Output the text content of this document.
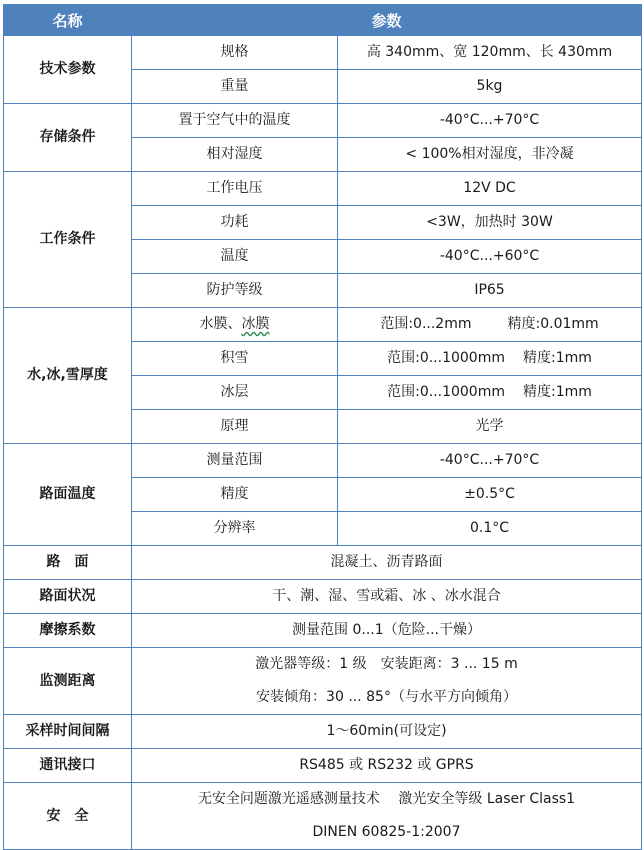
名称	参数	
技术参数	规格	高 340mm、宽 120mm、长 430mm
	重量	5kg
存储条件	置于空气中的温度	-40°C...+70°C
	相对湿度	< 100%相对湿度，非冷凝
工作条件	工作电压	12V DC
	功耗	<3W，加热时 30W
	温度	-40°C...+60°C
	防护等级	IP65
水,冰,雪厚度	水膜、冰膜	范围:0...2mm 精度:0.01mm
	积雪	范围:0...1000mm 精度:1mm
	冰层	范围:0...1000mm 精度:1mm
	原理	光学
路面温度	测量范围	-40°C...+70°C
	精度	±0.5°C
	分辨率	0.1°C
路　面	混凝土、沥青路面	
路面状况	干、潮、湿、雪或霜、冰 、冰水混合	
摩擦系数	测量范围 0...1（危险...干燥）	
监测距离	激光器等级：1 级　安装距离：3 ... 15 m
安装倾角：30 ... 85°（与水平方向倾角）	

采样时间间隔	1～60min(可设定)	
通讯接口	RS485 或 RS232 或 GPRS	
安　全	无安全问题激光遥感测量技术　 激光安全等级 Laser Class1
DINEN 60825-1:2007	
